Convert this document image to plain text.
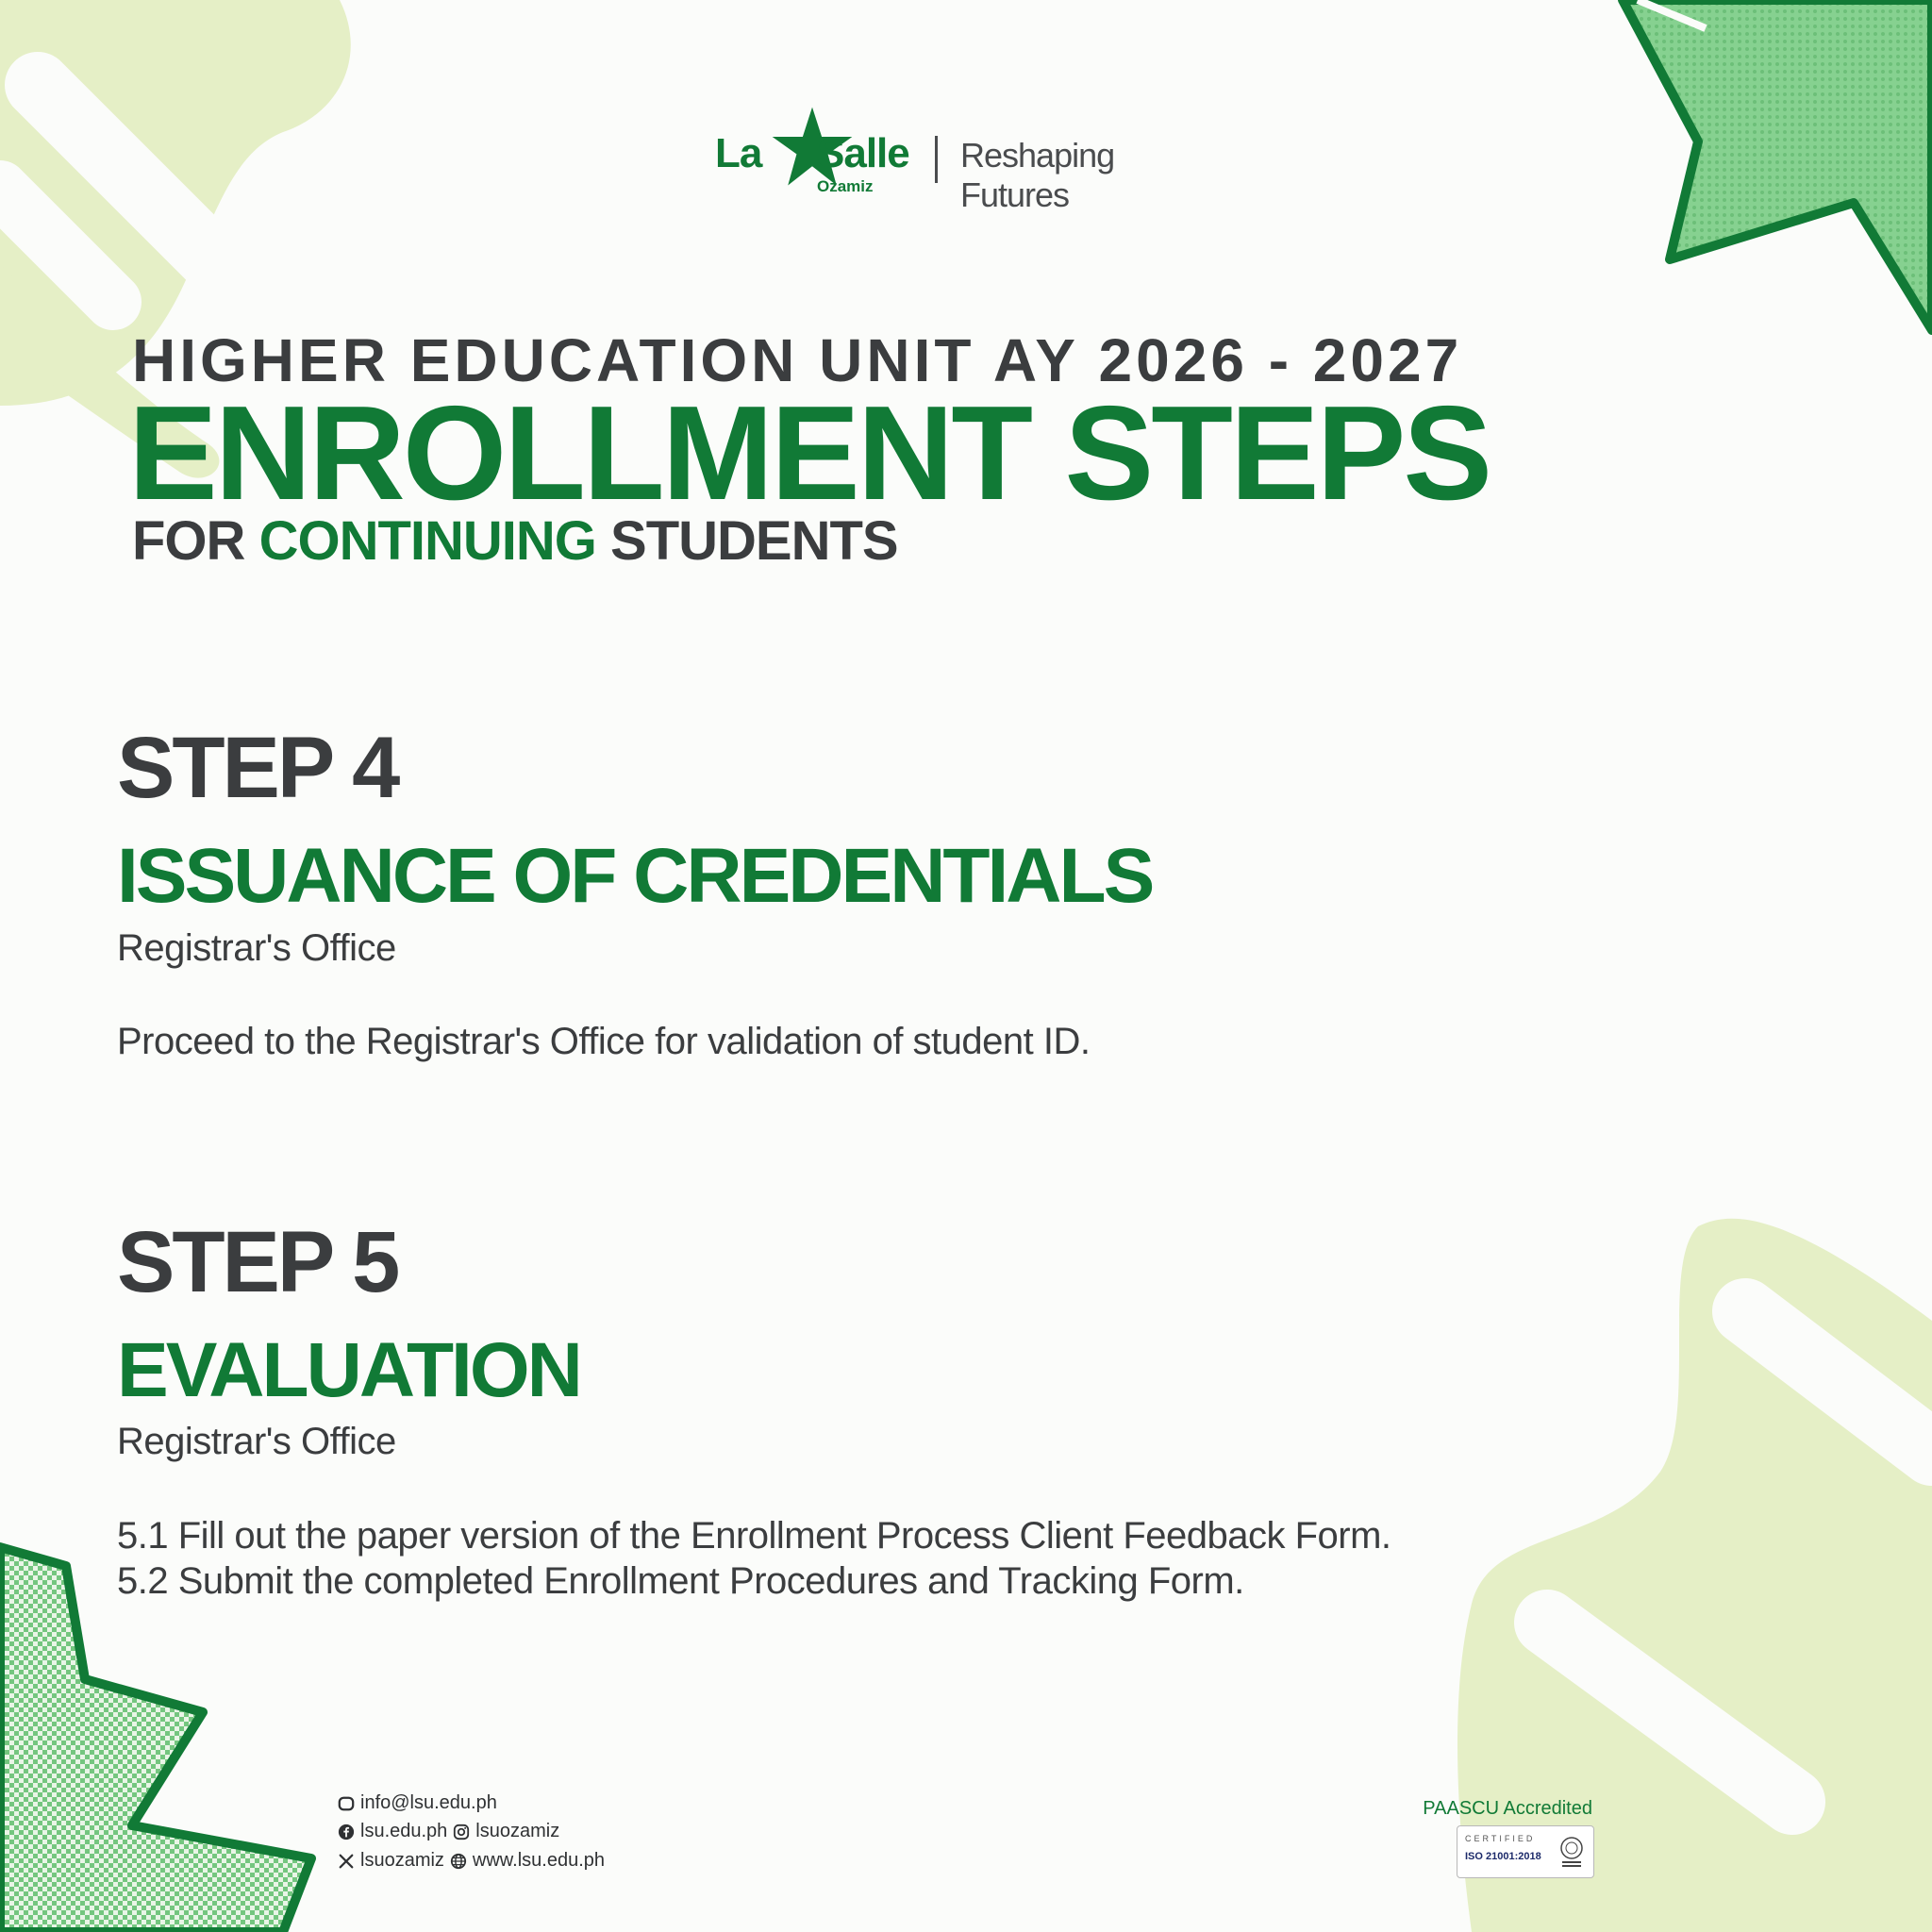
La Salle
Ozamiz
Reshaping Futures
HIGHER EDUCATION UNIT AY 2026 - 2027
ENROLLMENT STEPS
FOR CONTINUING STUDENTS
STEP 4
ISSUANCE OF CREDENTIALS
Registrar's Office
Proceed to the Registrar's Office for validation of student ID.
STEP 5
EVALUATION
Registrar's Office
5.1 Fill out the paper version of the Enrollment Process Client Feedback Form.
5.2 Submit the completed Enrollment Procedures and Tracking Form.
info@lsu.edu.ph
lsu.edu.ph lsuozamiz
lsuozamiz www.lsu.edu.ph
PAASCU Accredited
CERTIFIED
ISO 21001:2018
